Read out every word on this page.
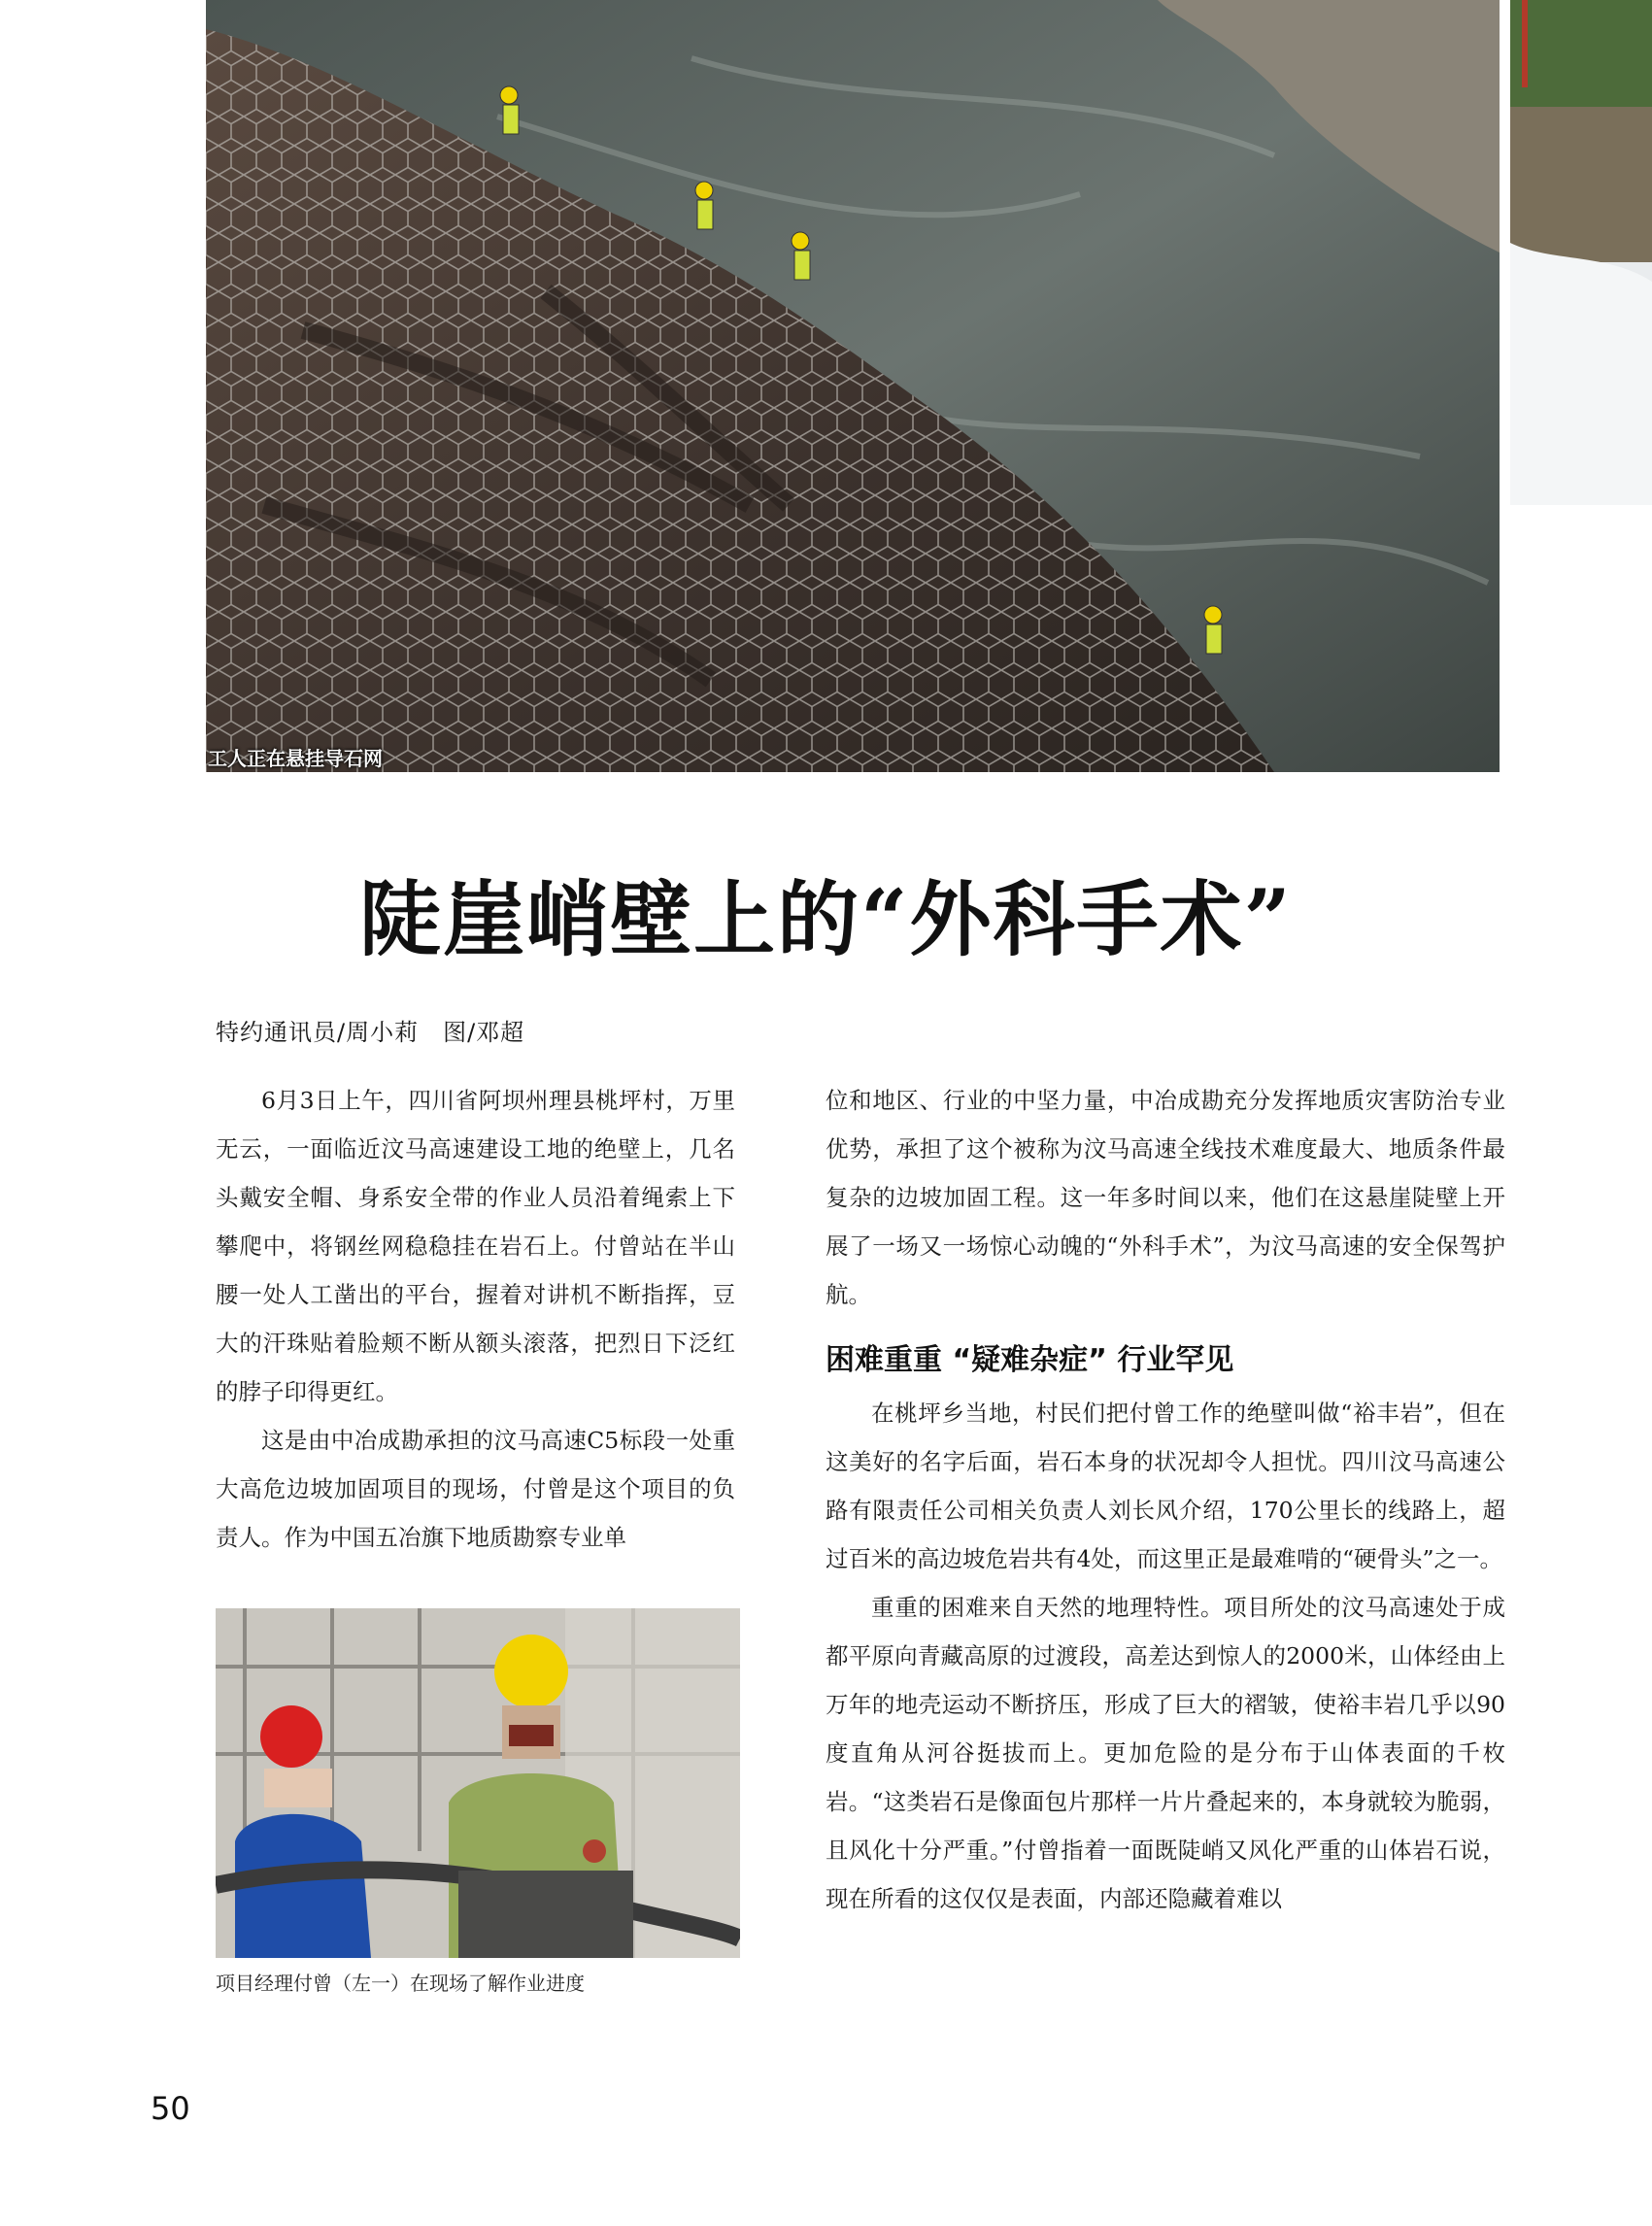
工人正在悬挂导石网
陡崖峭壁上的“外科手术”
特约通讯员/周小莉　图/邓超

6月3日上午，四川省阿坝州理县桃坪村，万里无云，一面临近汶马高速建设工地的绝壁上，几名头戴安全帽、身系安全带的作业人员沿着绳索上下攀爬中，将钢丝网稳稳挂在岩石上。付曾站在半山腰一处人工凿出的平台，握着对讲机不断指挥，豆大的汗珠贴着脸颊不断从额头滚落，把烈日下泛红的脖子印得更红。

这是由中冶成勘承担的汶马高速C5标段一处重大高危边坡加固项目的现场，付曾是这个项目的负责人。作为中国五冶旗下地质勘察专业单

项目经理付曾（左一）在现场了解作业进度

位和地区、行业的中坚力量，中冶成勘充分发挥地质灾害防治专业优势，承担了这个被称为汶马高速全线技术难度最大、地质条件最复杂的边坡加固工程。这一年多时间以来，他们在这悬崖陡壁上开展了一场又一场惊心动魄的“外科手术”，为汶马高速的安全保驾护航。

困难重重 “疑难杂症” 行业罕见

在桃坪乡当地，村民们把付曾工作的绝壁叫做“裕丰岩”，但在这美好的名字后面，岩石本身的状况却令人担忧。四川汶马高速公路有限责任公司相关负责人刘长风介绍，170公里长的线路上，超过百米的高边坡危岩共有4处，而这里正是最难啃的“硬骨头”之一。

重重的困难来自天然的地理特性。项目所处的汶马高速处于成都平原向青藏高原的过渡段，高差达到惊人的2000米，山体经由上万年的地壳运动不断挤压，形成了巨大的褶皱，使裕丰岩几乎以90度直角从河谷挺拔而上。更加危险的是分布于山体表面的千枚岩。“这类岩石是像面包片那样一片片叠起来的，本身就较为脆弱，且风化十分严重。”付曾指着一面既陡峭又风化严重的山体岩石说，现在所看的这仅仅是表面，内部还隐藏着难以

50
